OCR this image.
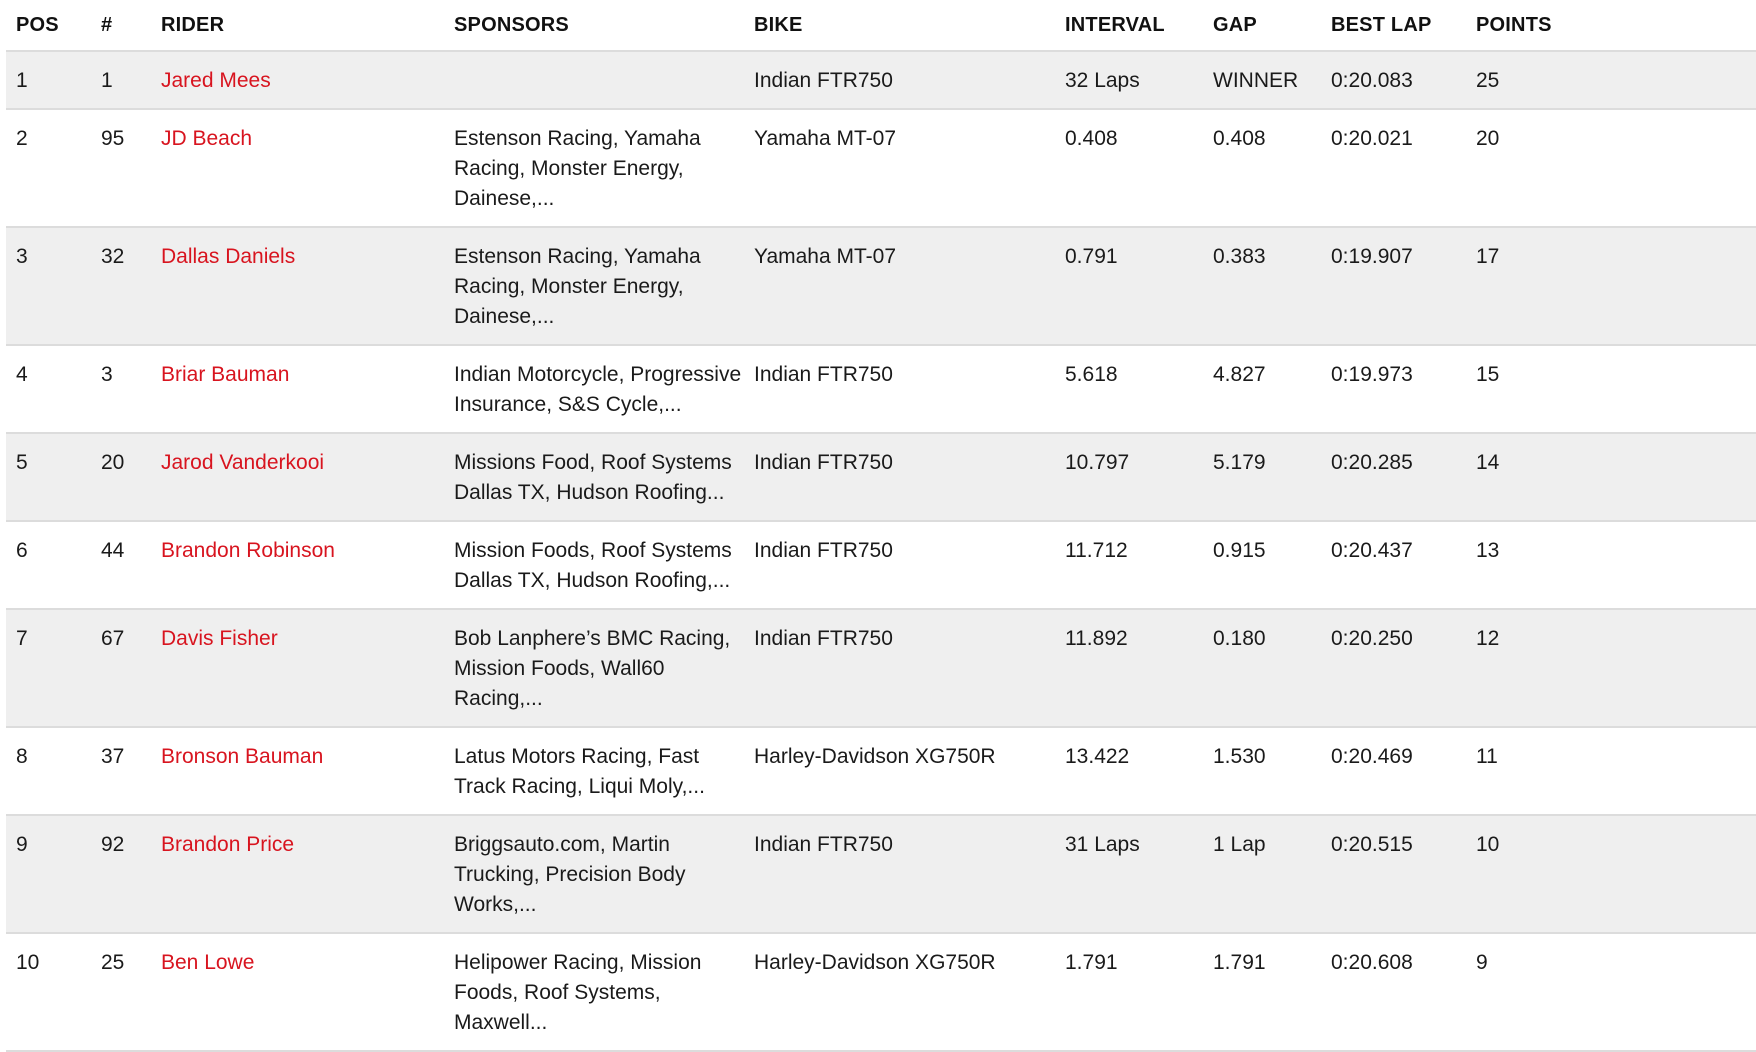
POS	#	RIDER	SPONSORS	BIKE	INTERVAL	GAP	BEST LAP	POINTS

1	1	Jared Mees		Indian FTR750	32 Laps	WINNER	0:20.083	25

2	95	JD Beach	Estenson Racing, Yamaha Racing, Monster Energy, Dainese,...	Yamaha MT-07	0.408	0.408	0:20.021	20

3	32	Dallas Daniels	Estenson Racing, Yamaha Racing, Monster Energy, Dainese,...	Yamaha MT-07	0.791	0.383	0:19.907	17

4	3	Briar Bauman	Indian Motorcycle, Progressive Insurance, S&S Cycle,...	Indian FTR750	5.618	4.827	0:19.973	15

5	20	Jarod Vanderkooi	Missions Food, Roof Systems Dallas TX, Hudson Roofing...	Indian FTR750	10.797	5.179	0:20.285	14

6	44	Brandon Robinson	Mission Foods, Roof Systems Dallas TX, Hudson Roofing,...	Indian FTR750	11.712	0.915	0:20.437	13

7	67	Davis Fisher	Bob Lanphere’s BMC Racing, Mission Foods, Wall60 Racing,...	Indian FTR750	11.892	0.180	0:20.250	12

8	37	Bronson Bauman	Latus Motors Racing, Fast Track Racing, Liqui Moly,...	Harley-Davidson XG750R	13.422	1.530	0:20.469	11

9	92	Brandon Price	Briggsauto.com, Martin Trucking, Precision Body Works,...	Indian FTR750	31 Laps	1 Lap	0:20.515	10

10	25	Ben Lowe	Helipower Racing, Mission Foods, Roof Systems, Maxwell...	Harley-Davidson XG750R	1.791	1.791	0:20.608	9
